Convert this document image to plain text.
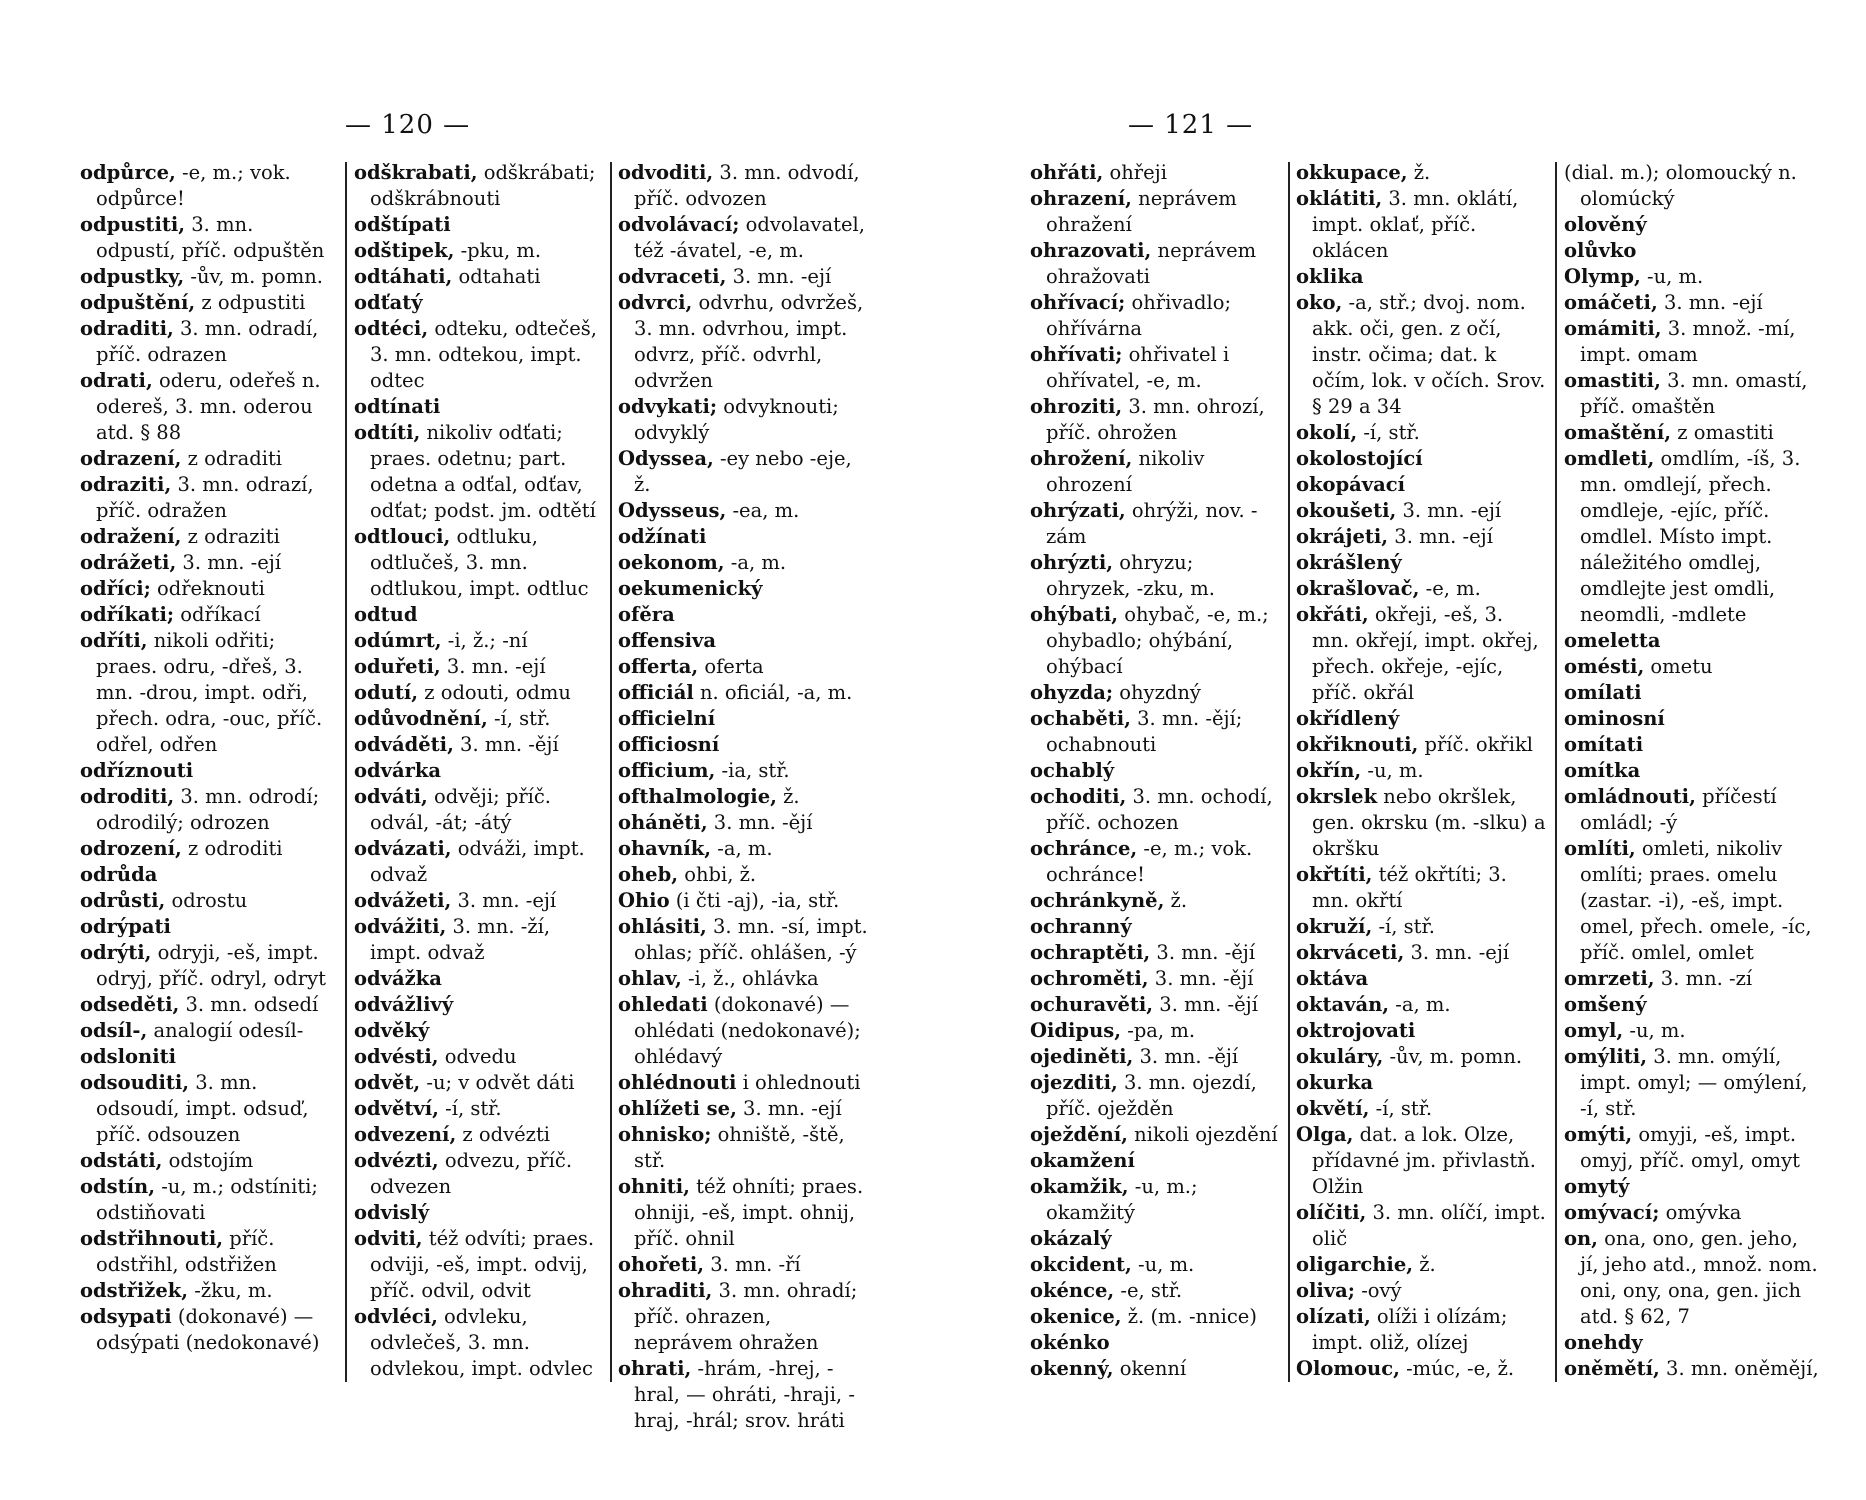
— 120 —	— 121 —
odpůrce, -e, m.; vok. odpůrce!
odpustiti, 3. mn. odpustí, příč. odpuštěn
odpustky, -ův, m. pomn.
odpuštění, z odpustiti
odraditi, 3. mn. odradí, příč. odrazen
odrati, oderu, odeřeš n. odereš, 3. mn. oderou atd. § 88
odrazení, z odraditi
odraziti, 3. mn. odrazí, příč. odražen
odražení, z odraziti
odrážeti, 3. mn. -ejí
odříci; odřeknouti
odříkati; odříkací
odříti, nikoli odřiti; praes. odru, -dřeš, 3. mn. -drou, impt. odři, přech. odra, -ouc, příč. odřel, odřen
odříznouti
odroditi, 3. mn. odrodí; odrodilý; odrozen
odrození, z odroditi
odrůda
odrůsti, odrostu
odrýpati
odrýti, odryji, -eš, impt. odryj, příč. odryl, odryt
odseděti, 3. mn. odsedí
odsíl-, analogií odesíl-
odsloniti
odsouditi, 3. mn. odsoudí, impt. odsuď, příč. odsouzen
odstáti, odstojím
odstín, -u, m.; odstíniti; odstiňovati
odstřihnouti, příč. odstřihl, odstřižen
odstřižek, -žku, m.
odsypati (dokonavé) — odsýpati (nedokonavé)
odškrabati, odškrábati; odškrábnouti
odštípati
odštipek, -pku, m.
odtáhati, odtahati
odťatý
odtéci, odteku, odtečeš, 3. mn. odtekou, impt. odtec
odtínati
odtíti, nikoliv odťati; praes. odetnu; part. odetna a odťal, odťav, odťat; podst. jm. odtětí
odtlouci, odtluku, odtlučeš, 3. mn. odtlukou, impt. odtluc
odtud
odúmrt, -i, ž.; -ní
oduřeti, 3. mn. -ejí
odutí, z odouti, odmu
odůvodnění, -í, stř.
odváděti, 3. mn. -ějí
odvárka
odváti, odvěji; příč. odvál, -át; -átý
odvázati, odváži, impt. odvaž
odvážeti, 3. mn. -ejí
odvážiti, 3. mn. -ží, impt. odvaž
odvážka
odvážlivý
odvěký
odvésti, odvedu
odvět, -u; v odvět dáti
odvětví, -í, stř.
odvezení, z odvézti
odvézti, odvezu, příč. odvezen
odvislý
odviti, též odvíti; praes. odviji, -eš, impt. odvij, příč. odvil, odvit
odvléci, odvleku, odvlečeš, 3. mn. odvlekou, impt. odvlec
odvoditi, 3. mn. odvodí, příč. odvozen
odvolávací; odvolavatel, též -ávatel, -e, m.
odvraceti, 3. mn. -ejí
odvrci, odvrhu, odvržeš, 3. mn. odvrhou, impt. odvrz, příč. odvrhl, odvržen
odvykati; odvyknouti; odvyklý
Odyssea, -ey nebo -eje, ž.
Odysseus, -ea, m.
odžínati
oekonom, -a, m.
oekumenický
ofěra
offensiva
offerta, oferta
officiál n. oficiál, -a, m.
officielní
officiosní
officium, -ia, stř.
ofthalmologie, ž.
oháněti, 3. mn. -ějí
ohavník, -a, m.
oheb, ohbi, ž.
Ohio (i čti -aj), -ia, stř.
ohlásiti, 3. mn. -sí, impt. ohlas; příč. ohlášen, -ý
ohlav, -i, ž., ohlávka
ohledati (dokonavé) — ohlédati (nedokonavé); ohlédavý
ohlédnouti i ohlednouti
ohlížeti se, 3. mn. -ejí
ohnisko; ohniště, -ště, stř.
ohniti, též ohníti; praes. ohniji, -eš, impt. ohnij, příč. ohnil
ohořeti, 3. mn. -ří
ohraditi, 3. mn. ohradí; příč. ohrazen, neprávem ohražen
ohrati, -hrám, -hrej, -hral, — ohráti, -hraji, -hraj, -hrál; srov. hráti
ohřáti, ohřeji
ohrazení, neprávem ohražení
ohrazovati, neprávem ohražovati
ohřívací; ohřivadlo; ohřívárna
ohřívati; ohřivatel i ohřívatel, -e, m.
ohroziti, 3. mn. ohrozí, příč. ohrožen
ohrožení, nikoliv ohrození
ohrýzati, ohrýži, nov. -zám
ohrýzti, ohryzu; ohryzek, -zku, m.
ohýbati, ohybač, -e, m.; ohybadlo; ohýbání, ohýbací
ohyzda; ohyzdný
ochaběti, 3. mn. -ějí; ochabnouti
ochablý
ochoditi, 3. mn. ochodí, příč. ochozen
ochránce, -e, m.; vok. ochránce!
ochránkyně, ž.
ochranný
ochraptěti, 3. mn. -ějí
ochroměti, 3. mn. -ějí
ochuravěti, 3. mn. -ějí
Oidipus, -pa, m.
ojediněti, 3. mn. -ějí
ojezditi, 3. mn. ojezdí, příč. oježděn
oježdění, nikoli ojezdění
okamžení
okamžik, -u, m.; okamžitý
okázalý
okcident, -u, m.
okénce, -e, stř.
okenice, ž. (m. -nnice)
okénko
okenný, okenní
okkupace, ž.
oklátiti, 3. mn. oklátí, impt. oklať, příč. oklácen
oklika
oko, -a, stř.; dvoj. nom. akk. oči, gen. z očí, instr. očima; dat. k očím, lok. v očích. Srov. § 29 a 34
okolí, -í, stř.
okolostojící
okopávací
okoušeti, 3. mn. -ejí
okrájeti, 3. mn. -ejí
okrášlený
okrašlovač, -e, m.
okřáti, okřeji, -eš, 3. mn. okřejí, impt. okřej, přech. okřeje, -ejíc, příč. okřál
okřídlený
okřiknouti, příč. okřikl
okřín, -u, m.
okrslek nebo okršlek, gen. okrsku (m. -slku) a okršku
okřtíti, též okřtíti; 3. mn. okřtí
okruží, -í, stř.
okrváceti, 3. mn. -ejí
oktáva
oktaván, -a, m.
oktrojovati
okuláry, -ův, m. pomn.
okurka
okvětí, -í, stř.
Olga, dat. a lok. Olze, přídavné jm. přivlastň. Olžin
olíčiti, 3. mn. olíčí, impt. olič
oligarchie, ž.
oliva; -ový
olízati, olíži i olízám; impt. oliž, olízej
Olomouc, -múc, -e, ž.
(dial. m.); olomoucký n. olomúcký
olověný
olůvko
Olymp, -u, m.
omáčeti, 3. mn. -ejí
omámiti, 3. množ. -mí, impt. omam
omastiti, 3. mn. omastí, příč. omaštěn
omaštění, z omastiti
omdleti, omdlím, -íš, 3. mn. omdlejí, přech. omdleje, -ejíc, příč. omdlel. Místo impt. náležitého omdlej, omdlejte jest omdli, neomdli, -mdlete
omeletta
omésti, ometu
omílati
ominosní
omítati
omítka
omládnouti, příčestí omládl; -ý
omlíti, omleti, nikoliv omlíti; praes. omelu (zastar. -i), -eš, impt. omel, přech. omele, -íc, příč. omlel, omlet
omrzeti, 3. mn. -zí
omšený
omyl, -u, m.
omýliti, 3. mn. omýlí, impt. omyl; — omýlení, -í, stř.
omýti, omyji, -eš, impt. omyj, příč. omyl, omyt
omytý
omývací; omývka
on, ona, ono, gen. jeho, jí, jeho atd., množ. nom. oni, ony, ona, gen. jich atd. § 62, 7
onehdy
oněmětí, 3. mn. oněmějí,
